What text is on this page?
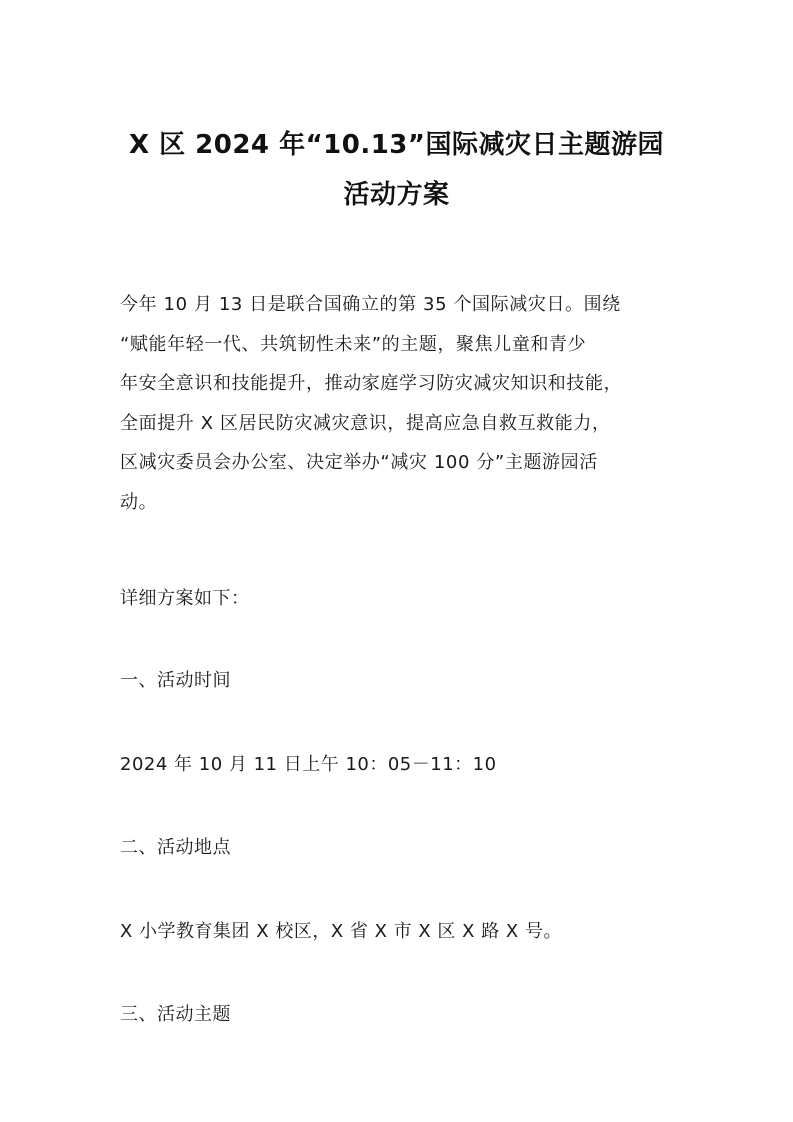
X 区 2024 年“10.13”国际减灾日主题游园
活动方案
今年 10 月 13 日是联合国确立的第 35 个国际减灾日。围绕
“赋能年轻一代、共筑韧性未来”的主题，聚焦儿童和青少
年安全意识和技能提升，推动家庭学习防灾减灾知识和技能，
全面提升 X 区居民防灾减灾意识，提高应急自救互救能力，
区减灾委员会办公室、决定举办“减灾 100 分”主题游园活
动。
详细方案如下：
一、活动时间
2024 年 10 月 11 日上午 10：05－11：10
二、活动地点
X 小学教育集团 X 校区，X 省 X 市 X 区 X 路 X 号。
三、活动主题
